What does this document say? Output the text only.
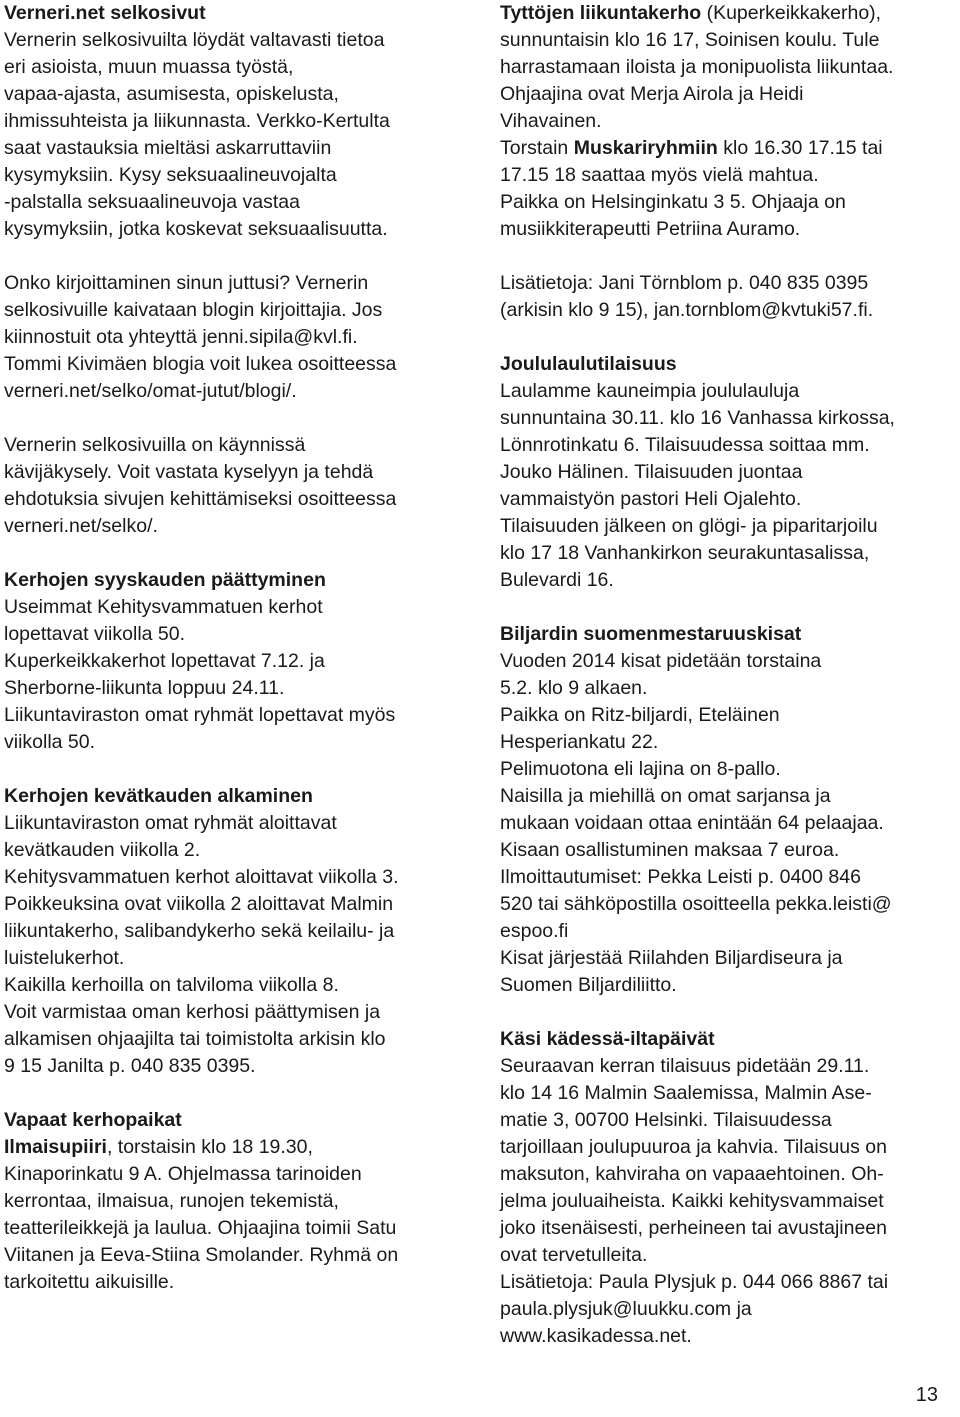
Verneri.net selkosivut

Vernerin selkosivuilta löydät valtavasti tietoa

eri asioista, muun muassa työstä,

vapaa-ajasta, asumisesta, opiskelusta,

ihmissuhteista ja liikunnasta. Verkko-Kertulta

saat vastauksia mieltäsi askarruttaviin

kysymyksiin. Kysy seksuaalineuvojalta

-palstalla seksuaalineuvoja vastaa

kysymyksiin, jotka koskevat seksuaalisuutta.

Onko kirjoittaminen sinun juttusi? Vernerin

selkosivuille kaivataan blogin kirjoittajia. Jos

kiinnostuit ota yhteyttä jenni.sipila@kvl.fi.

Tommi Kivimäen blogia voit lukea osoitteessa

verneri.net/selko/omat-jutut/blogi/.

Vernerin selkosivuilla on käynnissä

kävijäkysely. Voit vastata kyselyyn ja tehdä

ehdotuksia sivujen kehittämiseksi osoitteessa

verneri.net/selko/.

Kerhojen syyskauden päättyminen

Useimmat Kehitysvammatuen kerhot

lopettavat viikolla 50.

Kuperkeikkakerhot lopettavat 7.12. ja

Sherborne-liikunta loppuu 24.11.

Liikuntaviraston omat ryhmät lopettavat myös

viikolla 50.

Kerhojen kevätkauden alkaminen

Liikuntaviraston omat ryhmät aloittavat

kevätkauden viikolla 2.

Kehitysvammatuen kerhot aloittavat viikolla 3.

Poikkeuksina ovat viikolla 2 aloittavat Malmin

liikuntakerho, salibandykerho sekä keilailu- ja

luistelukerhot.

Kaikilla kerhoilla on talviloma viikolla 8.

Voit varmistaa oman kerhosi päättymisen ja

alkamisen ohjaajilta tai toimistolta arkisin klo

9 15 Janilta p. 040 835 0395.

Vapaat kerhopaikat

Ilmaisupiiri, torstaisin klo 18 19.30,

Kinaporinkatu 9 A. Ohjelmassa tarinoiden

kerrontaa, ilmaisua, runojen tekemistä,

teatterileikkejä ja laulua. Ohjaajina toimii Satu

Viitanen ja Eeva-Stiina Smolander. Ryhmä on

tarkoitettu aikuisille.

Tyttöjen liikuntakerho (Kuperkeikkakerho),

sunnuntaisin klo 16 17, Soinisen koulu. Tule

harrastamaan iloista ja monipuolista liikuntaa.

Ohjaajina ovat Merja Airola ja Heidi

Vihavainen.

Torstain Muskariryhmiin klo 16.30 17.15 tai

17.15 18 saattaa myös vielä mahtua.

Paikka on Helsinginkatu 3 5. Ohjaaja on

musiikkiterapeutti Petriina Auramo.

Lisätietoja: Jani Törnblom p. 040 835 0395

(arkisin klo 9 15), jan.tornblom@kvtuki57.fi.

Joululaulutilaisuus

Laulamme kauneimpia joululauluja

sunnuntaina 30.11. klo 16 Vanhassa kirkossa,

Lönnrotinkatu 6. Tilaisuudessa soittaa mm.

Jouko Hälinen. Tilaisuuden juontaa

vammaistyön pastori Heli Ojalehto.

Tilaisuuden jälkeen on glögi- ja piparitarjoilu

klo 17 18 Vanhankirkon seurakuntasalissa,

Bulevardi 16.

Biljardin suomenmestaruuskisat

Vuoden 2014 kisat pidetään torstaina

5.2. klo 9 alkaen.

Paikka on Ritz-biljardi, Eteläinen

Hesperiankatu 22.

Pelimuotona eli lajina on 8-pallo.

Naisilla ja miehillä on omat sarjansa ja

mukaan voidaan ottaa enintään 64 pelaajaa.

Kisaan osallistuminen maksaa 7 euroa.

Ilmoittautumiset: Pekka Leisti p. 0400 846

520 tai sähköpostilla osoitteella pekka.leisti@

espoo.fi

Kisat järjestää Riilahden Biljardiseura ja

Suomen Biljardiliitto.

Käsi kädessä-iltapäivät

Seuraavan kerran tilaisuus pidetään 29.11.

klo 14 16 Malmin Saalemissa, Malmin Ase-

matie 3, 00700 Helsinki. Tilaisuudessa

tarjoillaan joulupuuroa ja kahvia. Tilaisuus on

maksuton, kahviraha on vapaaehtoinen. Oh-

jelma jouluaiheista. Kaikki kehitysvammaiset

joko itsenäisesti, perheineen tai avustajineen

ovat tervetulleita.

Lisätietoja: Paula Plysjuk p. 044 066 8867 tai

paula.plysjuk@luukku.com ja

www.kasikadessa.net.

13
